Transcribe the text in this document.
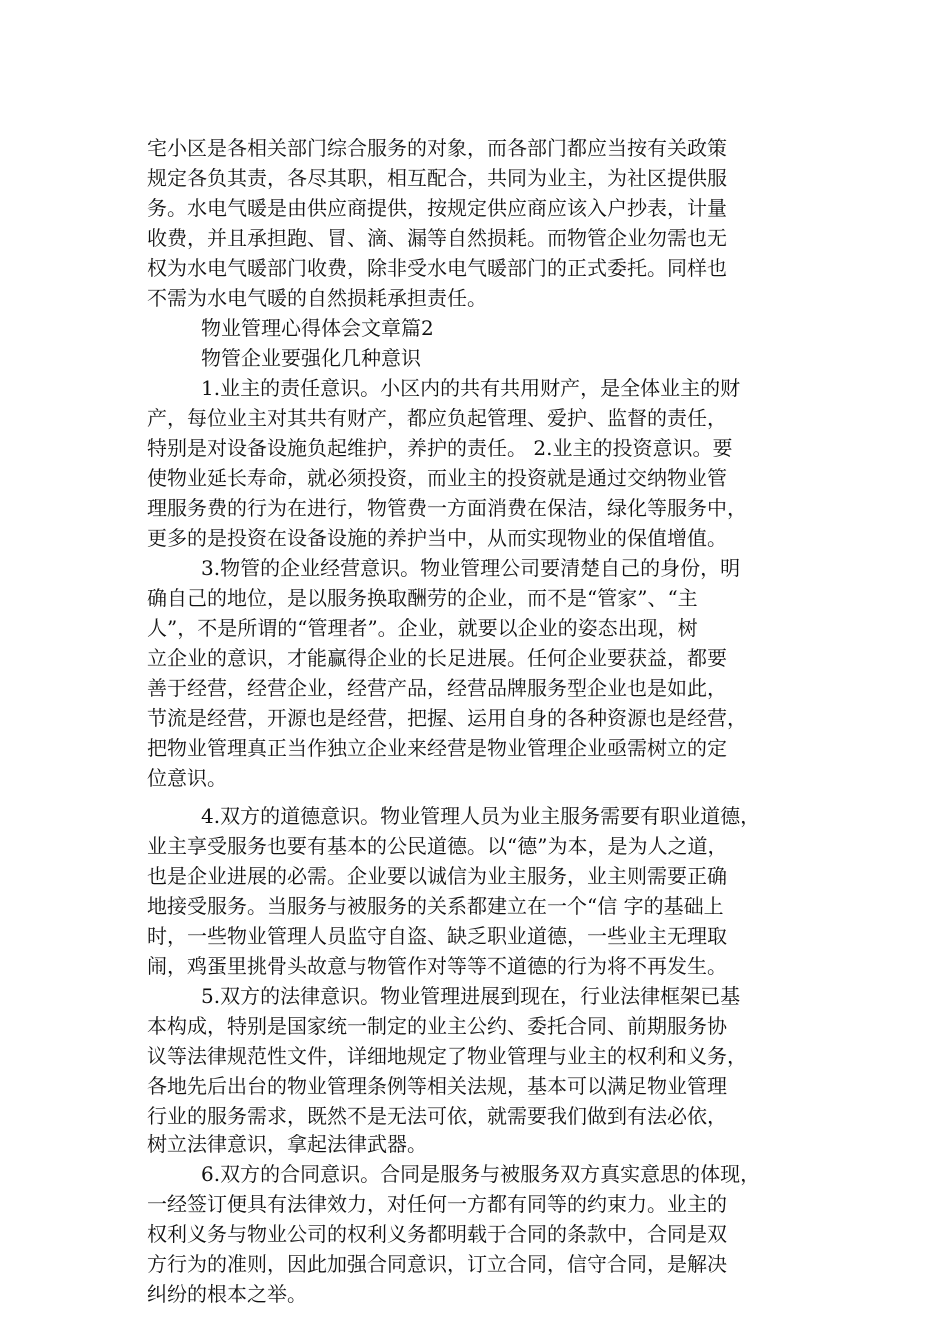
宅小区是各相关部门综合服务的对象，而各部门都应当按有关政策

规定各负其责，各尽其职，相互配合，共同为业主，为社区提供服

务。水电气暖是由供应商提供，按规定供应商应该入户抄表，计量

收费，并且承担跑、冒、滴、漏等自然损耗。而物管企业勿需也无

权为水电气暖部门收费，除非受水电气暖部门的正式委托。同样也

不需为水电气暖的自然损耗承担责任。

物业管理心得体会文章篇2

物管企业要强化几种意识

1.业主的责任意识。小区内的共有共用财产，是全体业主的财

产，每位业主对其共有财产，都应负起管理、爱护、监督的责任，

特别是对设备设施负起维护，养护的责任。 2.业主的投资意识。要

使物业延长寿命，就必须投资，而业主的投资就是通过交纳物业管

理服务费的行为在进行，物管费一方面消费在保洁，绿化等服务中，

更多的是投资在设备设施的养护当中，从而实现物业的保值增值。

3.物管的企业经营意识。物业管理公司要清楚自己的身份，明

确自己的地位，是以服务换取酬劳的企业，而不是“管家”、“主

人”，不是所谓的“管理者”。企业，就要以企业的姿态出现，树

立企业的意识，才能赢得企业的长足进展。任何企业要获益，都要

善于经营，经营企业，经营产品，经营品牌服务型企业也是如此，

节流是经营，开源也是经营，把握、运用自身的各种资源也是经营，

把物业管理真正当作独立企业来经营是物业管理企业亟需树立的定

位意识。

4.双方的道德意识。物业管理人员为业主服务需要有职业道德，

业主享受服务也要有基本的公民道德。以“德”为本，是为人之道，

也是企业进展的必需。企业要以诚信为业主服务，业主则需要正确

地接受服务。当服务与被服务的关系都建立在一个“信 字的基础上

时，一些物业管理人员监守自盗、缺乏职业道德，一些业主无理取

闹，鸡蛋里挑骨头故意与物管作对等等不道德的行为将不再发生。

5.双方的法律意识。物业管理进展到现在，行业法律框架已基

本构成，特别是国家统一制定的业主公约、委托合同、前期服务协

议等法律规范性文件，详细地规定了物业管理与业主的权利和义务，

各地先后出台的物业管理条例等相关法规，基本可以满足物业管理

行业的服务需求，既然不是无法可依，就需要我们做到有法必依，

树立法律意识，拿起法律武器。

6.双方的合同意识。合同是服务与被服务双方真实意思的体现，

一经签订便具有法律效力，对任何一方都有同等的约束力。业主的

权利义务与物业公司的权利义务都明载于合同的条款中，合同是双

方行为的准则，因此加强合同意识，订立合同，信守合同，是解决

纠纷的根本之举。
